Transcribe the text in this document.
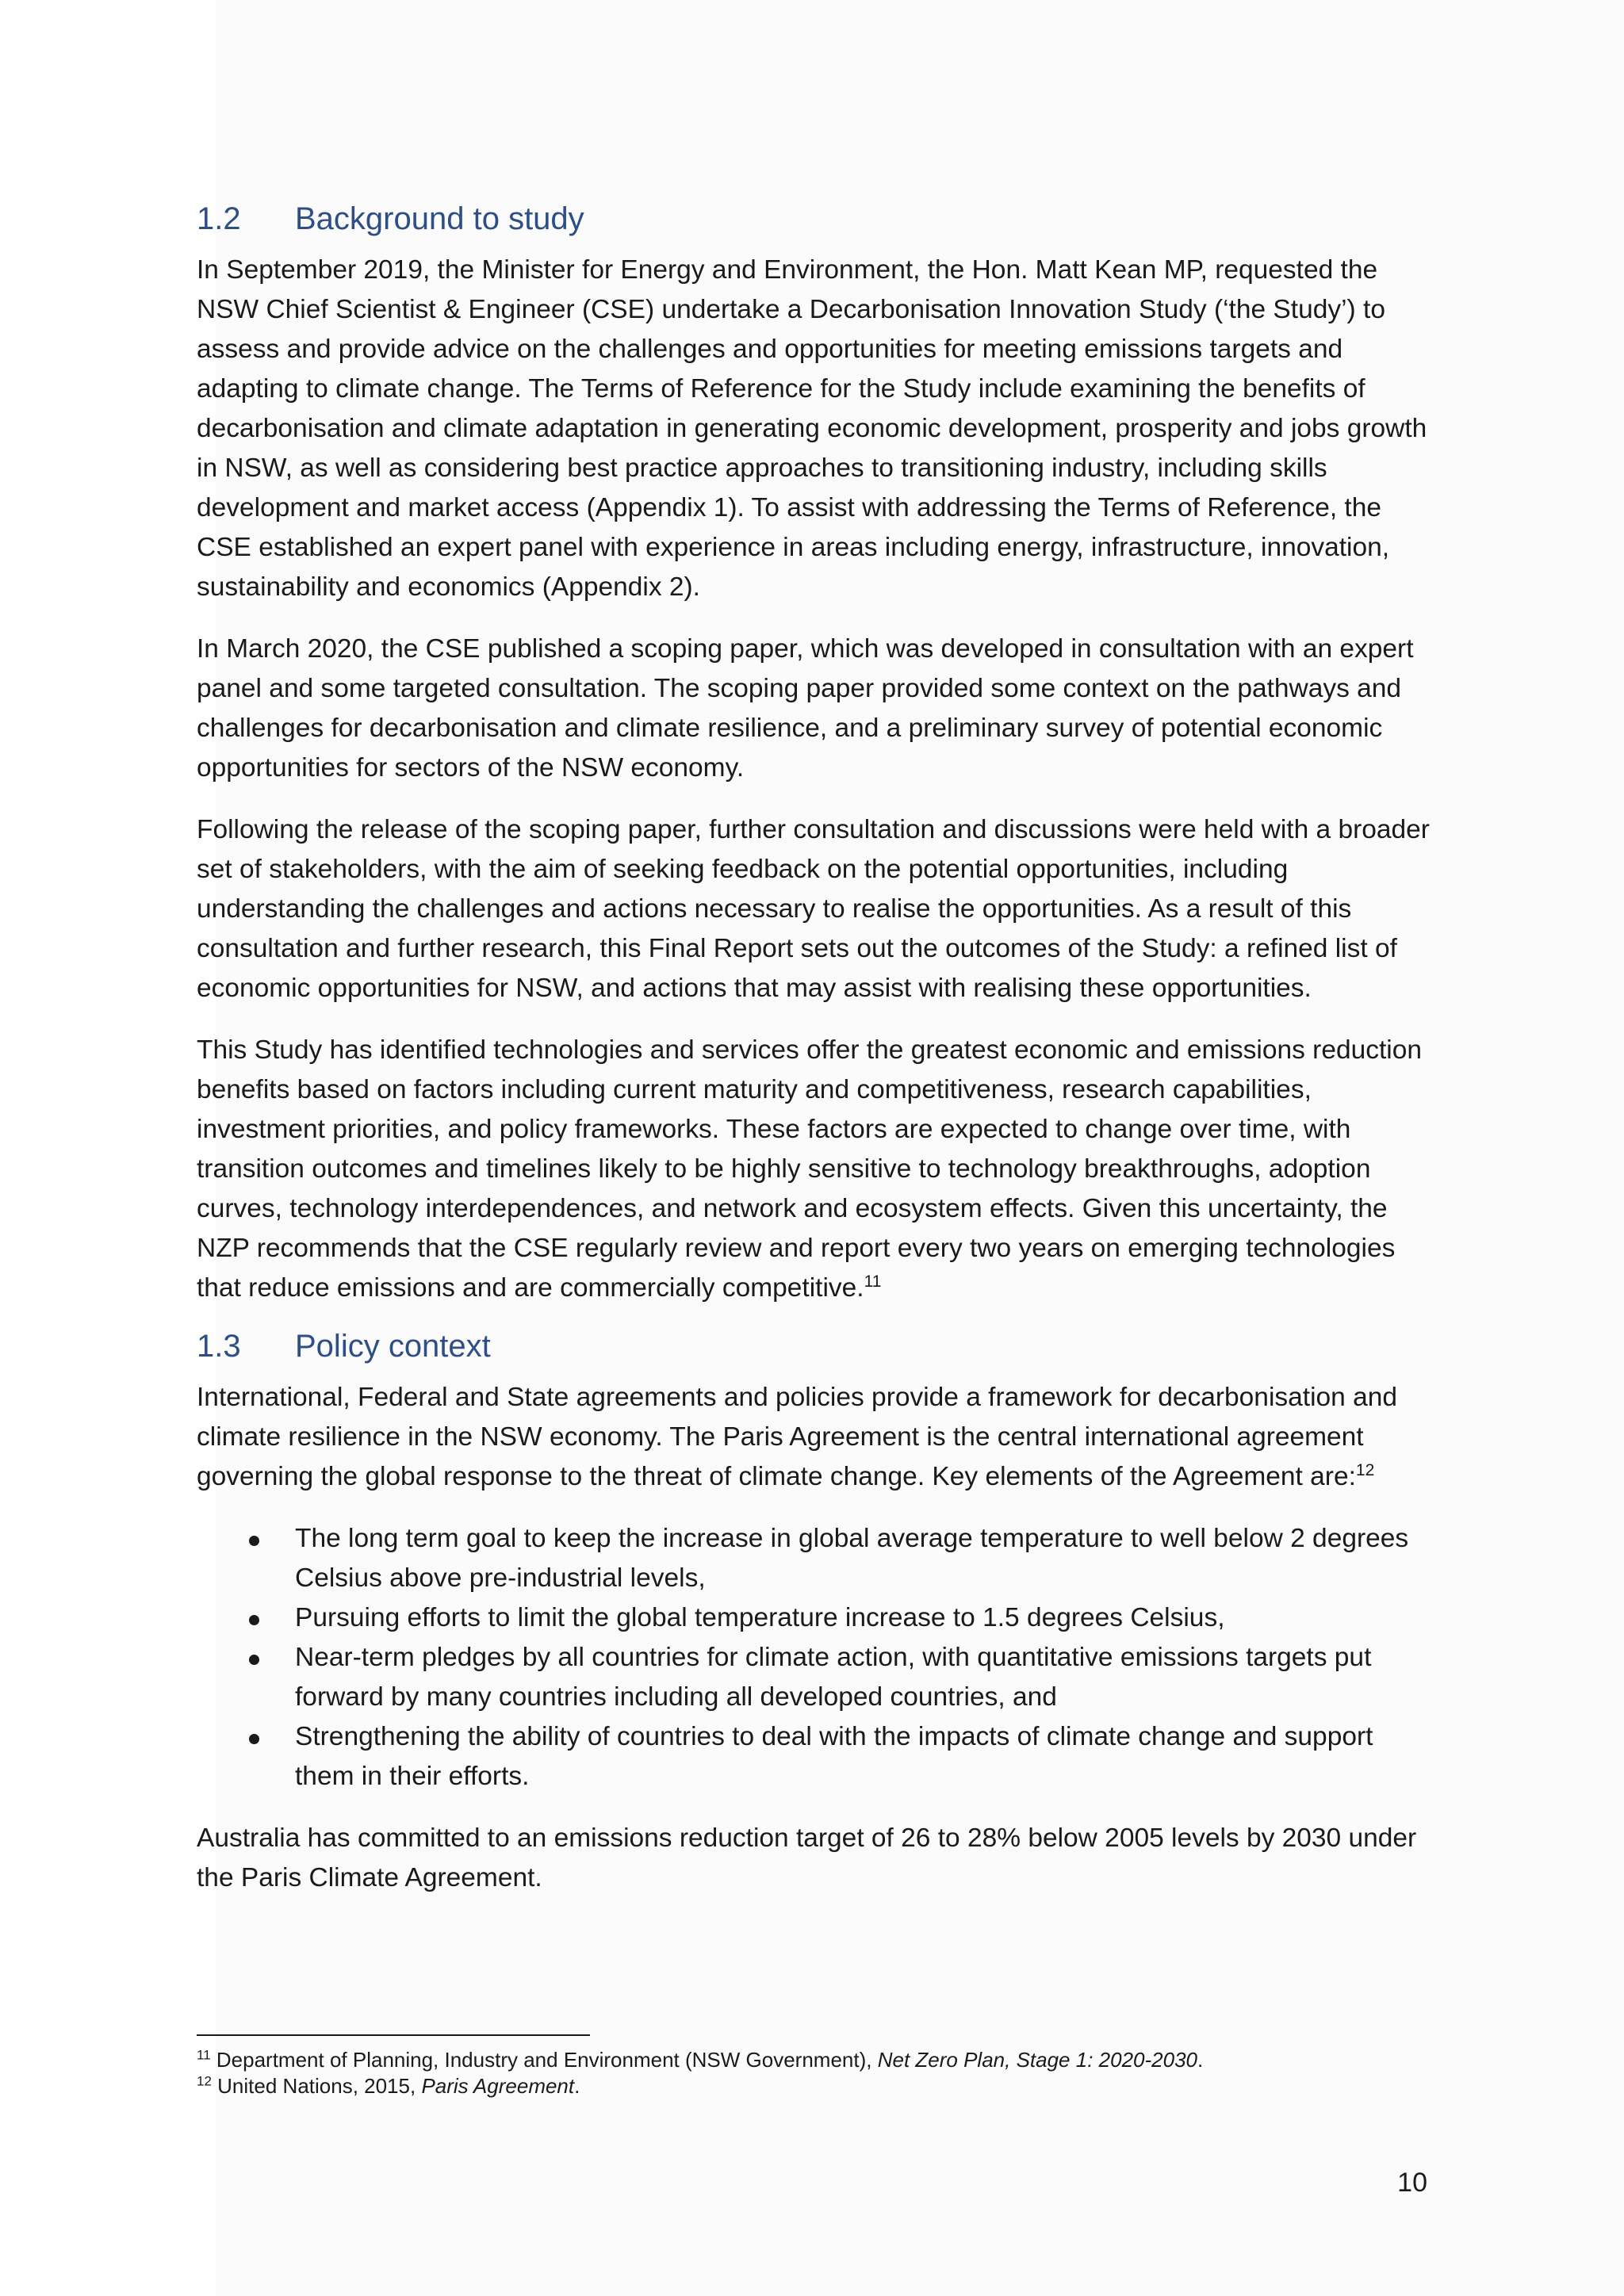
1.2 Background to study

In September 2019, the Minister for Energy and Environment, the Hon. Matt Kean MP, requested the NSW Chief Scientist & Engineer (CSE) undertake a Decarbonisation Innovation Study (‘the Study’) to assess and provide advice on the challenges and opportunities for meeting emissions targets and adapting to climate change. The Terms of Reference for the Study include examining the benefits of decarbonisation and climate adaptation in generating economic development, prosperity and jobs growth in NSW, as well as considering best practice approaches to transitioning industry, including skills development and market access (Appendix 1). To assist with addressing the Terms of Reference, the CSE established an expert panel with experience in areas including energy, infrastructure, innovation, sustainability and economics (Appendix 2).

In March 2020, the CSE published a scoping paper, which was developed in consultation with an expert panel and some targeted consultation. The scoping paper provided some context on the pathways and challenges for decarbonisation and climate resilience, and a preliminary survey of potential economic opportunities for sectors of the NSW economy.

Following the release of the scoping paper, further consultation and discussions were held with a broader set of stakeholders, with the aim of seeking feedback on the potential opportunities, including understanding the challenges and actions necessary to realise the opportunities. As a result of this consultation and further research, this Final Report sets out the outcomes of the Study: a refined list of economic opportunities for NSW, and actions that may assist with realising these opportunities.

This Study has identified technologies and services offer the greatest economic and emissions reduction benefits based on factors including current maturity and competitiveness, research capabilities, investment priorities, and policy frameworks. These factors are expected to change over time, with transition outcomes and timelines likely to be highly sensitive to technology breakthroughs, adoption curves, technology interdependences, and network and ecosystem effects. Given this uncertainty, the NZP recommends that the CSE regularly review and report every two years on emerging technologies that reduce emissions and are commercially competitive.$^{11}$

1.3 Policy context

International, Federal and State agreements and policies provide a framework for decarbonisation and climate resilience in the NSW economy. The Paris Agreement is the central international agreement governing the global response to the threat of climate change. Key elements of the Agreement are:$^{12}$

The long term goal to keep the increase in global average temperature to well below 2 degrees Celsius above pre-industrial levels,
Pursuing efforts to limit the global temperature increase to 1.5 degrees Celsius,
Near-term pledges by all countries for climate action, with quantitative emissions targets put forward by many countries including all developed countries, and
Strengthening the ability of countries to deal with the impacts of climate change and support them in their efforts.

Australia has committed to an emissions reduction target of 26 to 28% below 2005 levels by 2030 under the Paris Climate Agreement.

$^{11}$ Department of Planning, Industry and Environment (NSW Government), Net Zero Plan, Stage 1: 2020-2030.
$^{12}$ United Nations, 2015, Paris Agreement.
10
